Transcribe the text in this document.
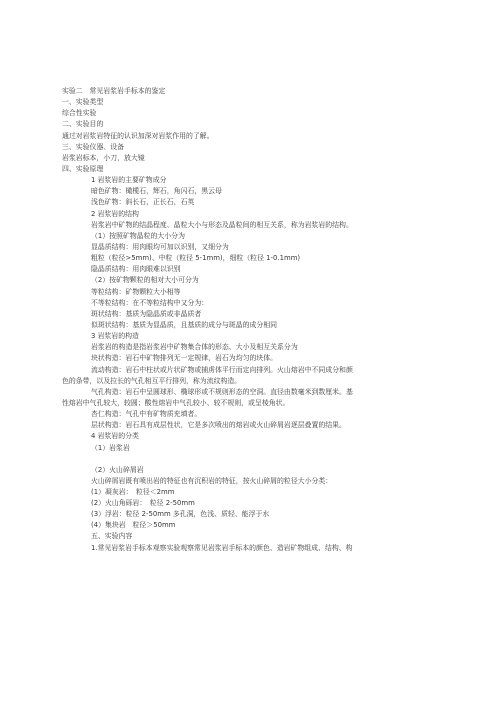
实验二　常见岩浆岩手标本的鉴定
一、实验类型
综合性实验
二、实验目的
通过对岩浆岩特征的认识加深对岩浆作用的了解。
三、实验仪器、设备
岩浆岩标本，小刀，放大镜
四、实验原理
1 岩浆岩的主要矿物成分
暗色矿物：橄榄石，辉石，角闪石，黑云母
浅色矿物：斜长石，正长石，石英
2 岩浆岩的结构
岩浆岩中矿物的结晶程度、晶粒大小与形态及晶粒间的相互关系，称为岩浆岩的结构。
（1）按照矿物晶粒的大小分为
显晶质结构：用肉眼均可加以识别，又细分为
粗粒（粒径>5mm)、中粒（粒径 5-1mm)，细粒（粒径 1-0.1mm)
隐晶质结构：用肉眼难以识别
（2）按矿物颗粒的相对大小可分为
等粒结构：矿物颗粒大小相等
不等粒结构：在不等粒结构中又分为：
斑状结构：基质为隐晶质或非晶质者
似斑状结构：基质为显晶质，且基质的成分与斑晶的成分相同
3 岩浆岩的构造
岩浆岩的构造是指岩浆岩中矿物集合体的形态、大小及相互关系分为
块状构造：岩石中矿物排列无一定规律，岩石为均匀的块体。
流动构造：岩石中柱状或片状矿物或捕虏体平行而定向排列。火山熔岩中不同成分和颜
色的条带，以及拉长的气孔相互平行排列，称为流纹构造。
气孔构造：岩石中呈圆球形、椭球形或不规则形态的空洞。直径由数毫米到数厘米。基
性熔岩中气孔较大，较圆；酸性熔岩中气孔较小、较不规则，或呈棱角状。
杏仁构造：气孔中有矿物质充填者。
层状构造：岩石具有成层性状，它是多次喷出的熔岩或火山碎屑岩逐层叠置的结果。
4 岩浆岩的分类
（1）岩浆岩
（2）火山碎屑岩
火山碎屑岩既有喷出岩的特征也有沉积岩的特征，按火山碎屑的粒径大小分类：
(1）凝灰岩：　粒径＜2mm
(2）火山角砾岩：　粒径 2-50mm
(3）浮岩：粒径 2-50mm 多孔洞，色浅、质轻、能浮于水
(4）集块岩　粒径＞50mm
五、实验内容
1.常见岩浆岩手标本观察实验观察常见岩浆岩手标本的颜色、造岩矿物组成、结构、构
